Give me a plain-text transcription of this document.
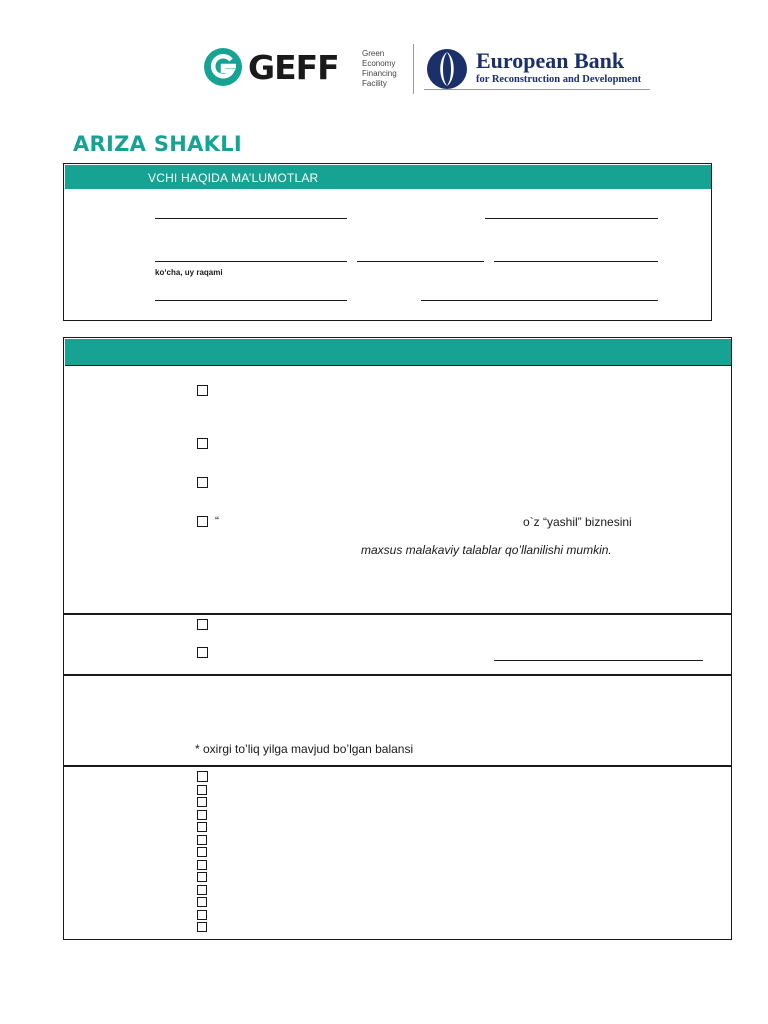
GEFF	Green
Economy
Financing
Facility
European Bank
for Reconstruction and Development
ARIZA SHAKLI
VCHI HAQIDA MA’LUMOTLAR
ko‘cha, uy raqami
“	o`z “yashil” biznesini
maxsus malakaviy talablar qo’llanilishi mumkin.
* oxirgi to’liq yilga mavjud bo’lgan balansi
